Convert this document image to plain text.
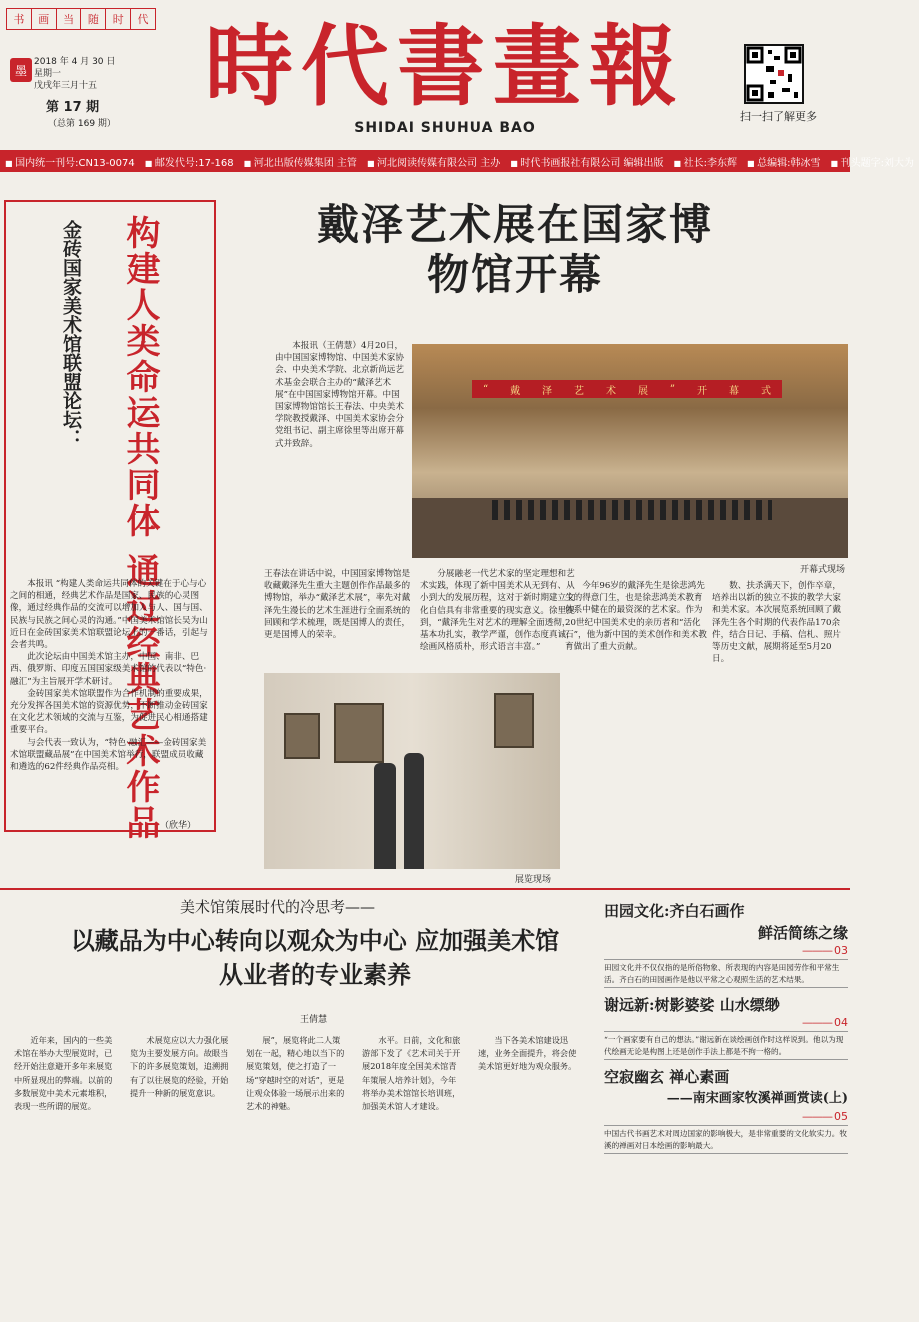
书	画	当	随	时	代
墨
2018 年 4 月 30 日
星期一
戊戌年三月十五
第 17 期
（总第 169 期）
時代書畫報
SHIDAI SHUHUA BAO
扫一扫了解更多
■ 国内统一刊号:CN13-0074	■ 邮发代号:17-168	■ 河北出版传媒集团 主管	■ 河北阅读传媒有限公司 主办	■ 时代书画报社有限公司 编辑出版	■ 社长:李东辉	■ 总编辑:韩冰雪	■ 刊头题字:刘大为
构建人类命运共同体 通过经典艺术作品
金砖国家美术馆联盟论坛：

本报讯 “构建人类命运共同体的关键在于心与心之间的相通，经典艺术作品是国家、民族的心灵图像，通过经典作品的交流可以增加人与人、国与国、民族与民族之间心灵的沟通。”中国美术馆馆长吴为山近日在金砖国家美术馆联盟论坛上的一番话，引起与会者共鸣。

此次论坛由中国美术馆主办，中国、南非、巴西、俄罗斯、印度五国国家级美术馆的代表以“特色·融汇”为主旨展开学术研讨。

金砖国家美术馆联盟作为合作机制的重要成果，充分发挥各国美术馆的资源优势，不断推动金砖国家在文化艺术领域的交流与互鉴，为促进民心相通搭建重要平台。

与会代表一致认为，“特色·融汇——金砖国家美术馆联盟藏品展”在中国美术馆举行，联盟成员收藏和遴选的62件经典作品亮相。

（欣华）
戴泽艺术展在国家博物馆开幕
本报讯（王倩慧）4月20日，由中国国家博物馆、中国美术家协会、中央美术学院、北京新尚远艺术基金会联合主办的“戴泽艺术展”在中国国家博物馆开幕。中国国家博物馆馆长王春法、中央美术学院教授戴泽、中国美术家协会分党组书记、副主席徐里等出席开幕式并致辞。
“ 戴 泽 艺 术 展 ” 开 幕 式
开幕式现场
王春法在讲话中说，中国国家博物馆是收藏戴泽先生重大主题创作作品最多的博物馆，举办“戴泽艺术展”，率先对戴泽先生漫长的艺术生涯进行全面系统的回顾和学术梳理，既是国博人的责任，更是国博人的荣幸。
分展融老一代艺术家的坚定理想和艺术实践，体现了新中国美术从无到有、从小到大的发展历程，这对于新时期建立文化自信具有非常重要的现实意义。徐里提到，“戴泽先生对艺术的理解全面透彻，基本功扎实，教学严谨，创作态度真诚，绘画风格质朴，形式语言丰富。”
展览现场
今年96岁的戴泽先生是徐悲鸿先生的得意门生，也是徐悲鸿美术教育体系中健在的最资深的艺术家。作为20世纪中国美术史的亲历者和“活化石”，他为新中国的美术创作和美术教育做出了重大贡献。
数、扶杀满天下，创作卒章，培养出以新的独立不拔的教学大家和美术家。本次展览系统回顾了戴泽先生各个时期的代表作品170余件，结合日记、手稿、信札、照片等历史文献，展期将延至5月20日。
美术馆策展时代的冷思考——
以藏品为中心转向以观众为中心 应加强美术馆从业者的专业素养
王倩慧
近年来，国内的一些美术馆在举办大型展览时，已经开始注意避开多年来展览中所显现出的弊端。以前的多数展览中美术元素堆积，表现一些所谓的展览。
术展览应以大力强化展览为主要发展方向。故眼当下的许多展览策划，追溯拥有了以往展览的经验，开始提升一种新的展览意识。
展”，展览将此二人策划在一起，精心地以当下的展览策划，使之打造了一场“穿越时空的对话”，更是让观众体验一场展示出来的艺术的神魅。
水平。日前，文化和旅游部下发了《艺术司关于开展2018年度全国美术馆青年策展人培养计划》，今年将举办美术馆馆长培训班，加强美术馆人才建设。
当下各美术馆建设迅速，业务全面提升，将会使美术馆更好地为观众服务。
田园文化:齐白石画作
鲜活简练之缘
——— 03
田园文化并不仅仅指的是所俗物象、所表现的内容是田园劳作和平常生活。齐白石的田园画作是他以平常之心观照生活的艺术结果。
谢远新:树影婆娑 山水缥缈
——— 04
“一个画家要有自己的想法。”谢远新在谈绘画创作时这样说到。他以为现代绘画无论是构图上还是创作手法上都是不拘一格的。
空寂幽玄 禅心素画
——南宋画家牧溪禅画赏读(上)
——— 05
中国古代书画艺术对周边国家的影响极大，是非常重要的文化软实力。牧溪的禅画对日本绘画的影响最大。
